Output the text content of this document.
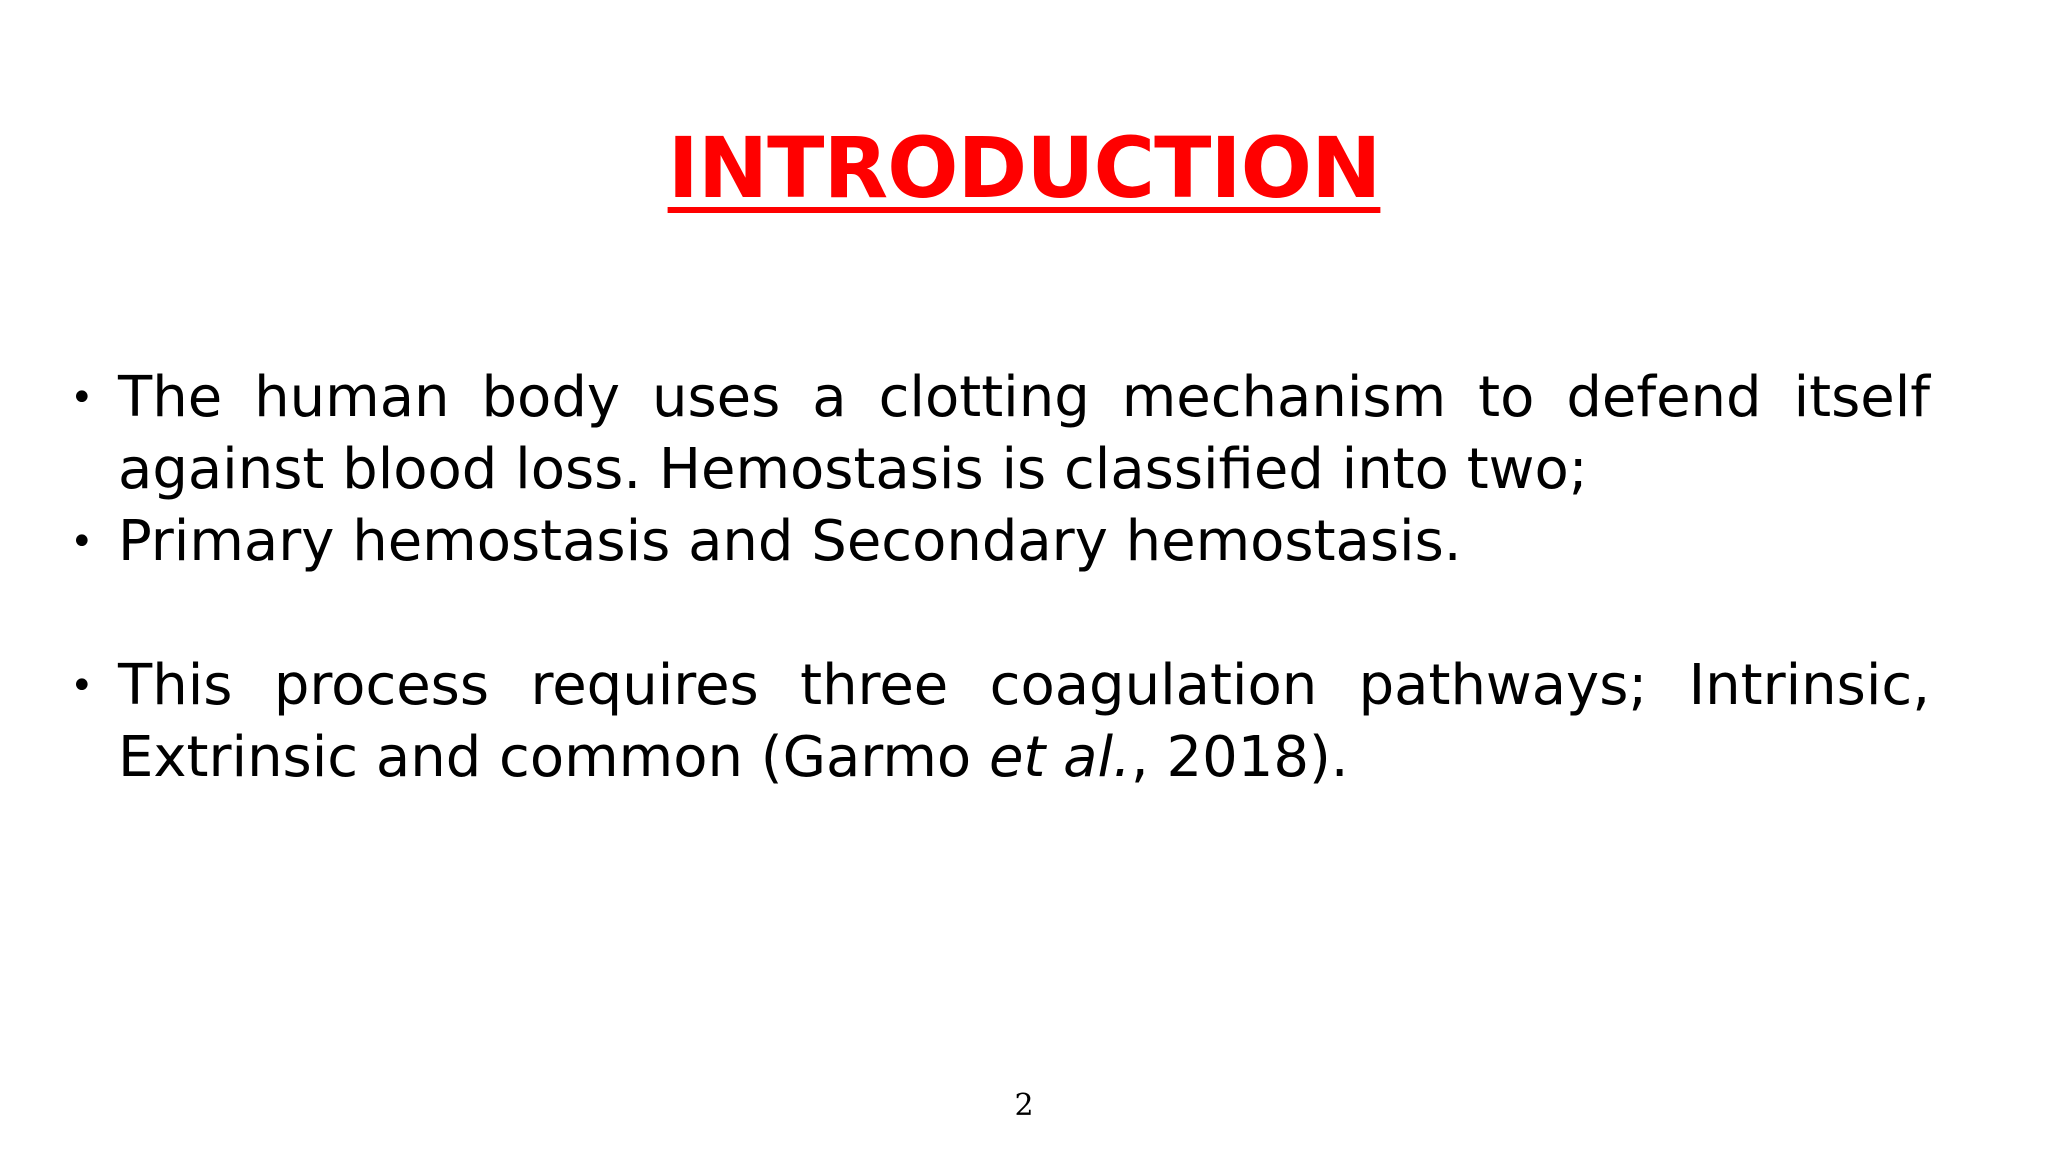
INTRODUCTION
• The human body uses a clotting mechanism to defend itself against blood loss. Hemostasis is classified into two;
• Primary hemostasis and Secondary hemostasis.
• This process requires three coagulation pathways; Intrinsic, Extrinsic and common (Garmo et al., 2018).
2
